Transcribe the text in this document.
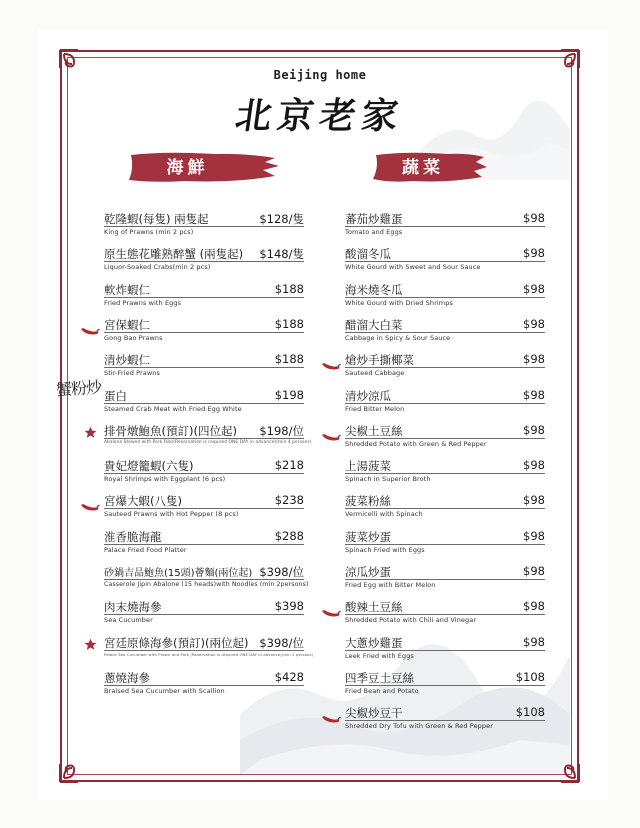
Beijing home
北京老家
海鮮	蔬菜
蟹粉炒
乾隆蝦(每隻) 兩隻起	$128/隻
King of Prawns (min 2 pcs)
原生態花雕熟醉蟹 (兩隻起) $148/隻
Liquor-Soaked Crabs(min 2 pcs)
軟炸蝦仁	$188
Fried Prawns with Eggs
宮保蝦仁	$188
Gong Bao Prawns
清炒蝦仁	$188
Stir-Fried Prawns
蛋白	$198
Steamed Crab Meat with Fried Egg White
排骨燉鮑魚(預訂)(四位起) $198/位
Abalone Stewed with Pork Ribs(Reservation is required ONE DAY in advance)(min 4 persons)
貴妃燈籠蝦(六隻)	$218
Royal Shrimps with Eggplant (6 pcs)
宮爆大蝦(八隻)	$238
Sauteed Prawns with Hot Pepper (8 pcs)
淮香脆海龍	$288
Palace Fried Food Platter
砂鍋吉品鮑魚(15頭)薈麵(兩位起) $398/位
Casserole Jipin Abalone (15 heads)with Noodles (min 2persons)
肉末燒海參	$398
Sea Cucumber
宮廷原條海參(預訂)(兩位起) $398/位
Palace Sea Cucumber with Prawn and Pork (Reservation is required ONE DAY in advance)(min 2 persons)
蔥燒海參	$428
Braised Sea Cucumber with Scallion
蕃茄炒雞蛋	$98
Tomato and Eggs
酸溜冬瓜	$98
White Gourd with Sweet and Sour Sauce
海米燒冬瓜	$98
White Gourd with Dried Shrimps
醋溜大白菜	$98
Cabbage in Spicy & Sour Sauce
熗炒手撕椰菜	$98
Sauteed Cabbage
清炒涼瓜	$98
Fried Bitter Melon
尖椒土豆絲	$98
Shredded Potato with Green & Red Pepper
上湯菠菜	$98
Spinach in Superior Broth
菠菜粉絲	$98
Vermicelli with Spinach
菠菜炒蛋	$98
Spinach Fried with Eggs
涼瓜炒蛋	$98
Fried Egg with Bitter Melon
酸辣土豆絲	$98
Shredded Potato with Chili and Vinegar
大蔥炒雞蛋	$98
Leek Fried with Eggs
四季豆土豆絲	$108
Fried Bean and Potato
尖椒炒豆干	$108
Shredded Dry Tofu with Green & Red Pepper
